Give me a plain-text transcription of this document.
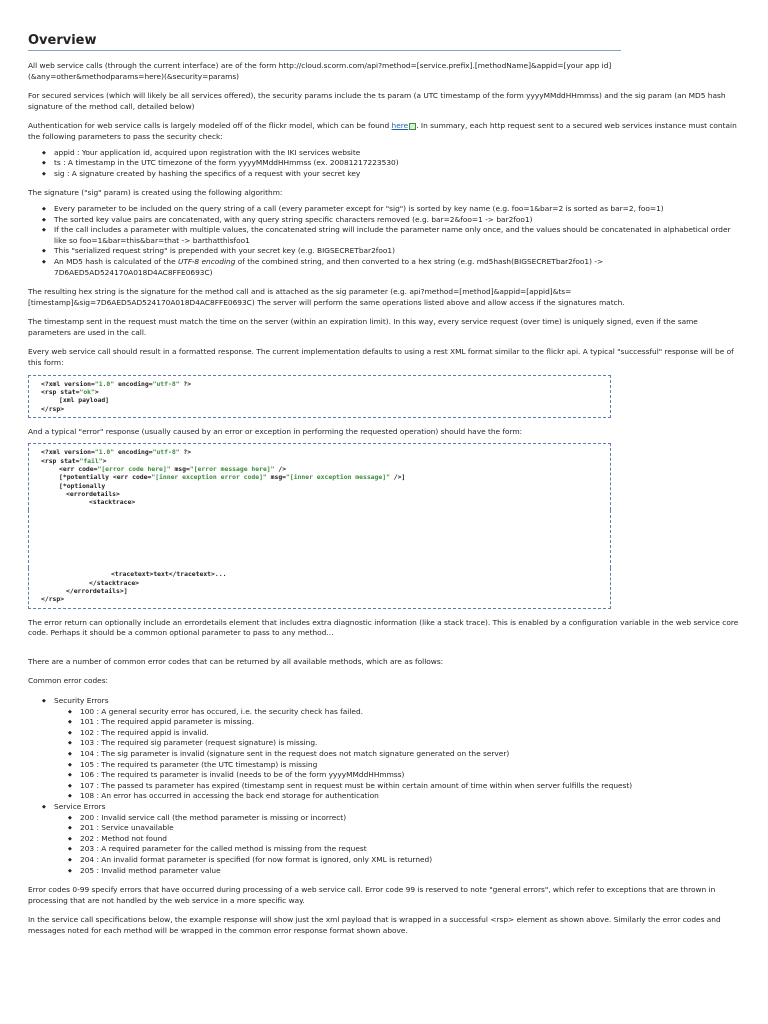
Overview

All web service calls (through the current interface) are of the form http://cloud.scorm.com/api?method=[service.prefix].[methodName]&appid=[your app id](&any=other&methodparams=here)(&security=params)

For secured services (which will likely be all services offered), the security params include the ts param (a UTC timestamp of the form yyyyMMddHHmmss) and the sig param (an MD5 hash signature of the method call, detailed below)

Authentication for web service calls is largely modeled off of the flickr model, which can be found here . In summary, each http request sent to a secured web services instance must contain the following parameters to pass the security check:

◆ appid : Your application id, acquired upon registration with the IKI services website
◆ ts : A timestamp in the UTC timezone of the form yyyyMMddHHmmss (ex. 20081217223530)
◆ sig : A signature created by hashing the specifics of a request with your secret key

The signature ("sig" param) is created using the following algorithm:

◆ Every parameter to be included on the query string of a call (every parameter except for "sig") is sorted by key name (e.g. foo=1&bar=2 is sorted as bar=2, foo=1)
◆ The sorted key value pairs are concatenated, with any query string specific characters removed (e.g. bar=2&foo=1 -> bar2foo1)
◆ If the call includes a parameter with multiple values, the concatenated string will include the parameter name only once, and the values should be concatenated in alphabetical order like so foo=1&bar=this&bar=that -> barthatthisfoo1
◆ This "serialized request string" is prepended with your secret key (e.g. BIGSECRETbar2foo1)
◆ An MD5 hash is calculated of the UTF-8 encoding of the combined string, and then converted to a hex string (e.g. md5hash(BIGSECRETbar2foo1) -> 7D6AED5AD524170A018D4AC8FFE0693C)

The resulting hex string is the signature for the method call and is attached as the sig parameter (e.g. api?method=[method]&appid=[appid]&ts=[timestamp]&sig=7D6AED5AD524170A018D4AC8FFE0693C) The server will perform the same operations listed above and allow access if the signatures match.

The timestamp sent in the request must match the time on the server (within an expiration limit). In this way, every service request (over time) is uniquely signed, even if the same parameters are used in the call.

Every web service call should result in a formatted response. The current implementation defaults to using a rest XML format similar to the flickr api. A typical "successful" response will be of this form:

<?xml version="1.0" encoding="utf-8" ?>
<rsp stat="ok">
[xml payload]
</rsp>

And a typical "error" response (usually caused by an error or exception in performing the requested operation) should have the form:

<?xml version="1.0" encoding="utf-8" ?>
<rsp stat="fail">
<err code="[error code here]" msg="[error message here]" />
[*potentially <err code="[inner exception error code]" msg="[inner exception message]" />]
[*optionally
<errordetails>
<stacktrace>
<tracetext>text</tracetext>...
</stacktrace>
</errordetails>]
</rsp>

The error return can optionally include an errordetails element that includes extra diagnostic information (like a stack trace). This is enabled by a configuration variable in the web service core code. Perhaps it should be a common optional parameter to pass to any method...

There are a number of common error codes that can be returned by all available methods, which are as follows:

Common error codes:

◆ Security Errors
◆ 100 : A general security error has occured, i.e. the security check has failed.
◆ 101 : The required appid parameter is missing.
◆ 102 : The required appid is invalid.
◆ 103 : The required sig parameter (request signature) is missing.
◆ 104 : The sig parameter is invalid (signature sent in the request does not match signature generated on the server)
◆ 105 : The required ts parameter (the UTC timestamp) is missing
◆ 106 : The required ts parameter is invalid (needs to be of the form yyyyMMddHHmmss)
◆ 107 : The passed ts parameter has expired (timestamp sent in request must be within certain amount of time within when server fulfills the request)
◆ 108 : An error has occurred in accessing the back end storage for authentication
◆ Service Errors
◆ 200 : Invalid service call (the method parameter is missing or incorrect)
◆ 201 : Service unavailable
◆ 202 : Method not found
◆ 203 : A required parameter for the called method is missing from the request
◆ 204 : An invalid format parameter is specified (for now format is ignored, only XML is returned)
◆ 205 : Invalid method parameter value

Error codes 0-99 specify errors that have occurred during processing of a web service call. Error code 99 is reserved to note "general errors", which refer to exceptions that are thrown in processing that are not handled by the web service in a more specific way.

In the service call specifications below, the example response will show just the xml payload that is wrapped in a successful <rsp> element as shown above. Similarly the error codes and messages noted for each method will be wrapped in the common error response format shown above.
